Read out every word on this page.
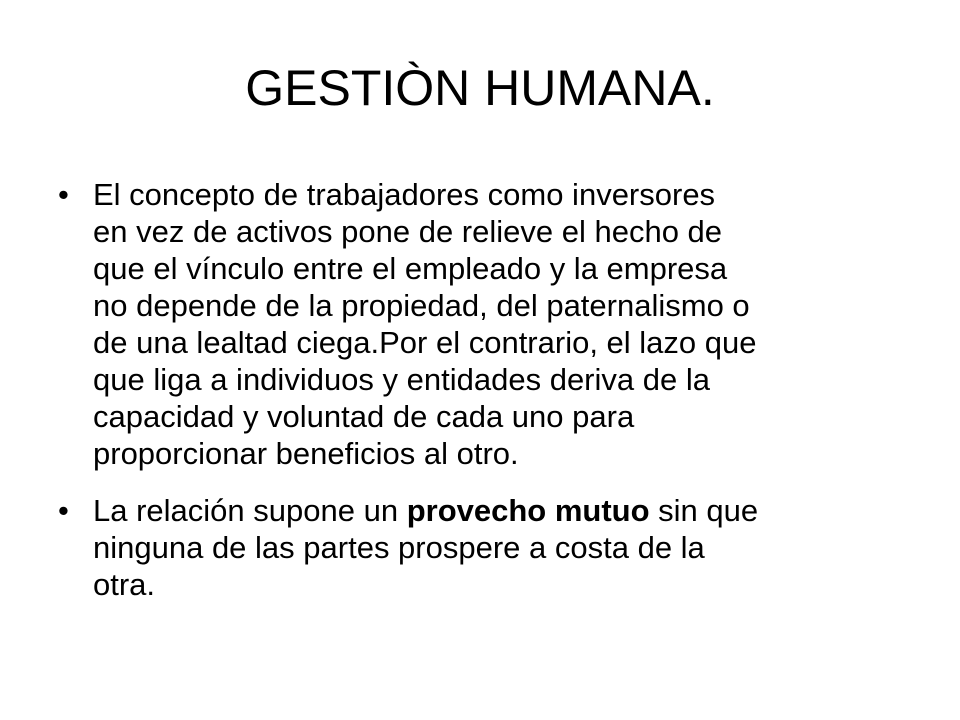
GESTIÒN HUMANA.
• El concepto de trabajadores como inversores
en vez de activos pone de relieve el hecho de
que el vínculo entre el empleado y la empresa
no depende de la propiedad, del paternalismo o
de una lealtad ciega.Por el contrario, el lazo que
que liga a individuos y entidades deriva de la
capacidad y voluntad de cada uno para
proporcionar beneficios al otro.
• La relación supone un provecho mutuo sin que
ninguna de las partes prospere a costa de la
otra.
